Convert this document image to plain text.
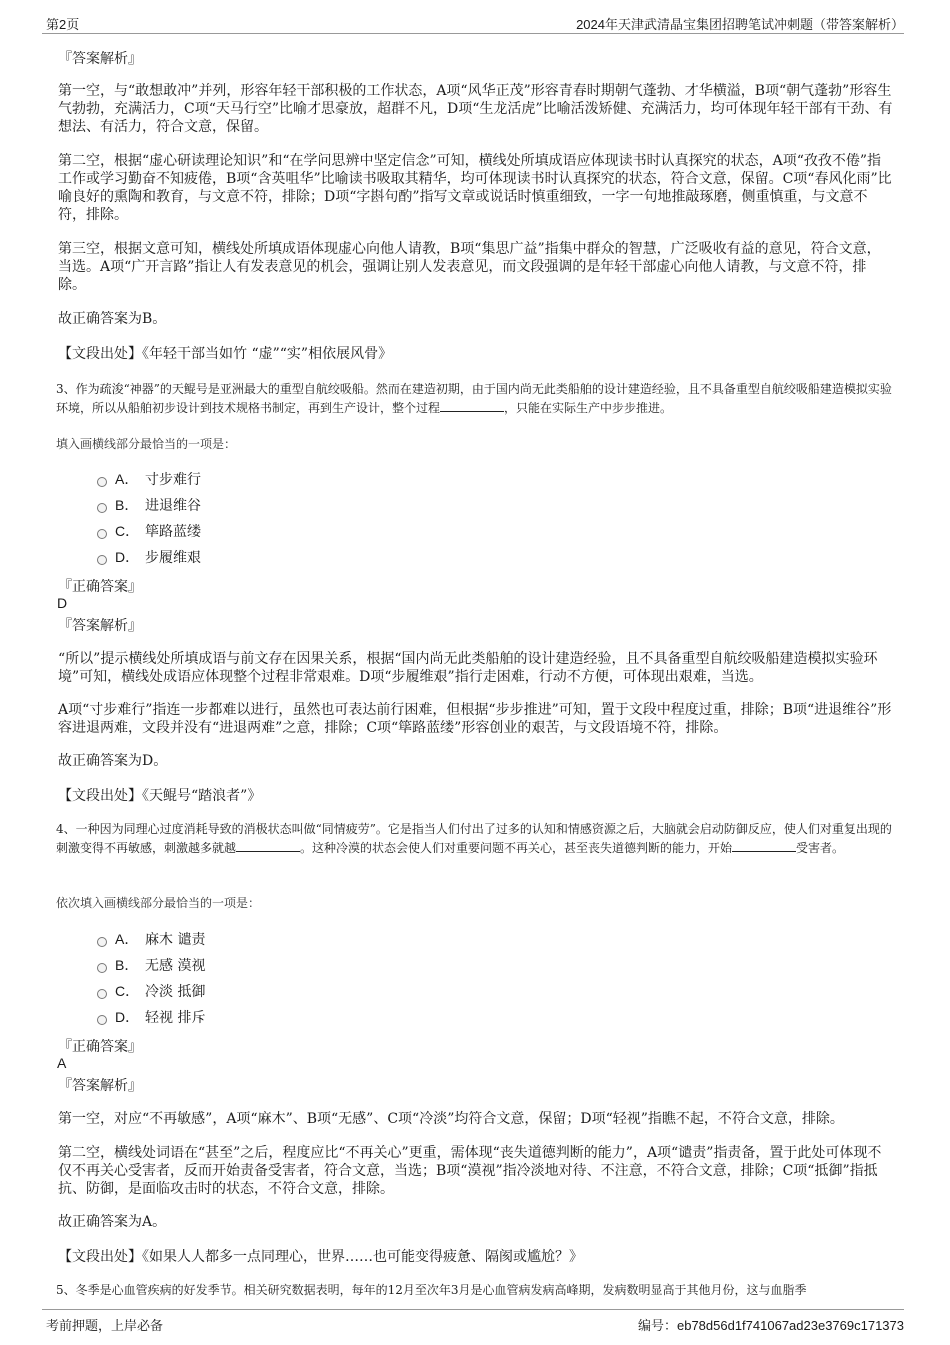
第2页	2024年天津武清晶宝集团招聘笔试冲刺题（带答案解析）
『答案解析』
第一空，与“敢想敢冲”并列，形容年轻干部积极的工作状态，A项“风华正茂”形容青春时期朝气蓬勃、才华横溢，B项“朝气蓬勃”形容生气勃勃，充满活力，C项“天马行空”比喻才思豪放，超群不凡，D项“生龙活虎”比喻活泼矫健、充满活力，均可体现年轻干部有干劲、有想法、有活力，符合文意，保留。
第二空，根据“虚心研读理论知识”和“在学问思辨中坚定信念”可知，横线处所填成语应体现读书时认真探究的状态，A项“孜孜不倦”指工作或学习勤奋不知疲倦，B项“含英咀华”比喻读书吸取其精华，均可体现读书时认真探究的状态，符合文意，保留。C项“春风化雨”比喻良好的熏陶和教育，与文意不符，排除；D项“字斟句酌”指写文章或说话时慎重细致，一字一句地推敲琢磨，侧重慎重，与文意不符，排除。
第三空，根据文意可知，横线处所填成语体现虚心向他人请教，B项“集思广益”指集中群众的智慧，广泛吸收有益的意见，符合文意，当选。A项“广开言路”指让人有发表意见的机会，强调让别人发表意见，而文段强调的是年轻干部虚心向他人请教，与文意不符，排除。
故正确答案为B。
【文段出处】《年轻干部当如竹 “虚”“实”相依展风骨》
3、作为疏浚“神器”的天鲲号是亚洲最大的重型自航绞吸船。然而在建造初期，由于国内尚无此类船舶的设计建造经验，且不具备重型自航绞吸船建造模拟实验环境，所以从船舶初步设计到技术规格书制定，再到生产设计，整个过程	，只能在实际生产中步步推进。
填入画横线部分最恰当的一项是：
A． 寸步难行
B． 进退维谷
C． 筚路蓝缕
D． 步履维艰
『正确答案』
D
『答案解析』
“所以”提示横线处所填成语与前文存在因果关系，根据“国内尚无此类船舶的设计建造经验，且不具备重型自航绞吸船建造模拟实验环境”可知，横线处成语应体现整个过程非常艰难。D项“步履维艰”指行走困难，行动不方便，可体现出艰难，当选。
A项“寸步难行”指连一步都难以进行，虽然也可表达前行困难，但根据“步步推进”可知，置于文段中程度过重，排除；B项“进退维谷”形容进退两难，文段并没有“进退两难”之意，排除；C项“筚路蓝缕”形容创业的艰苦，与文段语境不符，排除。
故正确答案为D。
【文段出处】《天鲲号“踏浪者”》
4、一种因为同理心过度消耗导致的消极状态叫做“同情疲劳”。它是指当人们付出了过多的认知和情感资源之后，大脑就会启动防御反应，使人们对重复出现的刺激变得不再敏感，刺激越多就越	。这种冷漠的状态会使人们对重要问题不再关心，甚至丧失道德判断的能力，开始	受害者。
依次填入画横线部分最恰当的一项是：
A． 麻木 谴责
B． 无感 漠视
C． 冷淡 抵御
D． 轻视 排斥
『正确答案』
A
『答案解析』
第一空，对应“不再敏感”，A项“麻木”、B项“无感”、C项“冷淡”均符合文意，保留；D项“轻视”指瞧不起，不符合文意，排除。
第二空，横线处词语在“甚至”之后，程度应比“不再关心”更重，需体现“丧失道德判断的能力”，A项“谴责”指责备，置于此处可体现不仅不再关心受害者，反而开始责备受害者，符合文意，当选；B项“漠视”指冷淡地对待、不注意，不符合文意，排除；C项“抵御”指抵抗、防御，是面临攻击时的状态，不符合文意，排除。
故正确答案为A。
【文段出处】《如果人人都多一点同理心，世界……也可能变得疲惫、隔阂或尴尬？》
5、冬季是心血管疾病的好发季节。相关研究数据表明，每年的12月至次年3月是心血管病发病高峰期，发病数明显高于其他月份，这与血脂季
考前押题，上岸必备	编号：eb78d56d1f741067ad23e3769c171373
